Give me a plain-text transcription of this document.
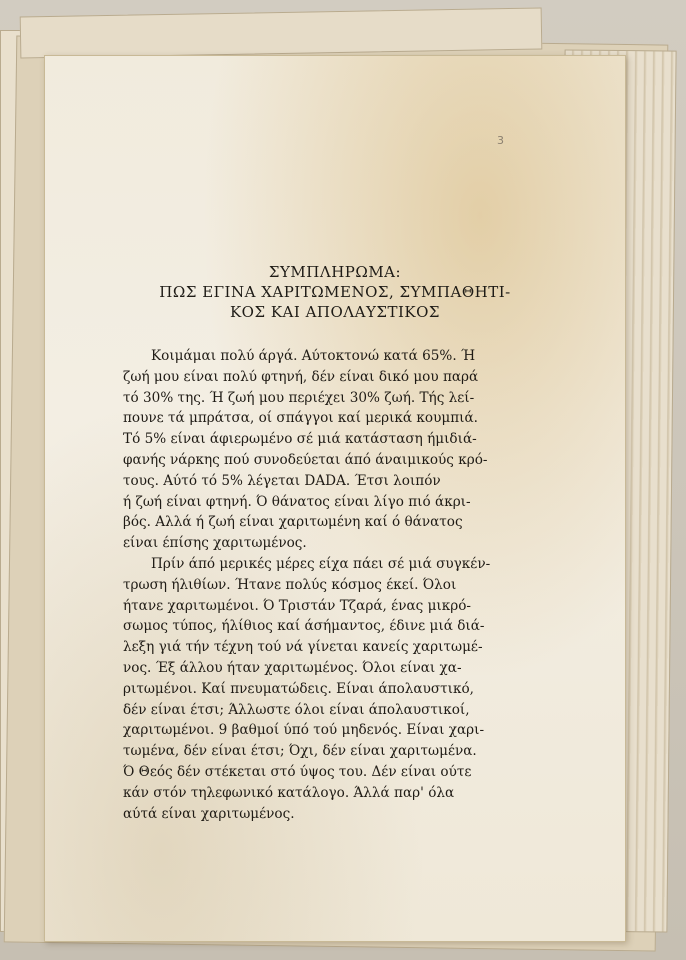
3
ΣΥΜΠΛΗΡΩΜΑ:
ΠΩΣ ΕΓΙΝΑ ΧΑΡΙΤΩΜΕΝΟΣ, ΣΥΜΠΑΘΗΤΙ-
ΚΟΣ ΚΑΙ ΑΠΟΛΑΥΣΤΙΚΟΣ

Κοιμάμαι πολύ άργά. Αύτοκτονώ κατά 65%. Ή

ζωή μου είναι πολύ φτηνή, δέν είναι δικό μου παρά

τό 30% της. Ή ζωή μου περιέχει 30% ζωή. Τής λεί-

πουνε τά μπράτσα, οί σπάγγοι καί μερικά κουμπιά.

Τό 5% είναι άφιερωμένο σέ μιά κατάσταση ήμιδιά-

φανής νάρκης πού συνοδεύεται άπό άναιμικούς κρό-

τους. Αύτό τό 5% λέγεται DADA. Έτσι λοιπόν

ή ζωή είναι φτηνή. Ό θάνατος είναι λίγο πιό άκρι-

βός. Αλλά ή ζωή είναι χαριτωμένη καί ό θάνατος

είναι έπίσης χαριτωμένος.

Πρίν άπό μερικές μέρες είχα πάει σέ μιά συγκέν-

τρωση ήλιθίων. Ήτανε πολύς κόσμος έκεί. Όλοι

ήτανε χαριτωμένοι. Ό Τριστάν Τζαρά, ένας μικρό-

σωμος τύπος, ήλίθιος καί άσήμαντος, έδινε μιά διά-

λεξη γιά τήν τέχνη τού νά γίνεται κανείς χαριτωμέ-

νος. Έξ άλλου ήταν χαριτωμένος. Όλοι είναι χα-

ριτωμένοι. Καί πνευματώδεις. Είναι άπολαυστικό,

δέν είναι έτσι; Άλλωστε όλοι είναι άπολαυστικοί,

χαριτωμένοι. 9 βαθμοί ύπό τού μηδενός. Είναι χαρι-

τωμένα, δέν είναι έτσι; Όχι, δέν είναι χαριτωμένα.

Ό Θεός δέν στέκεται στό ύψος του. Δέν είναι ούτε

κάν στόν τηλεφωνικό κατάλογο. Άλλά παρ' όλα

αύτά είναι χαριτωμένος.
